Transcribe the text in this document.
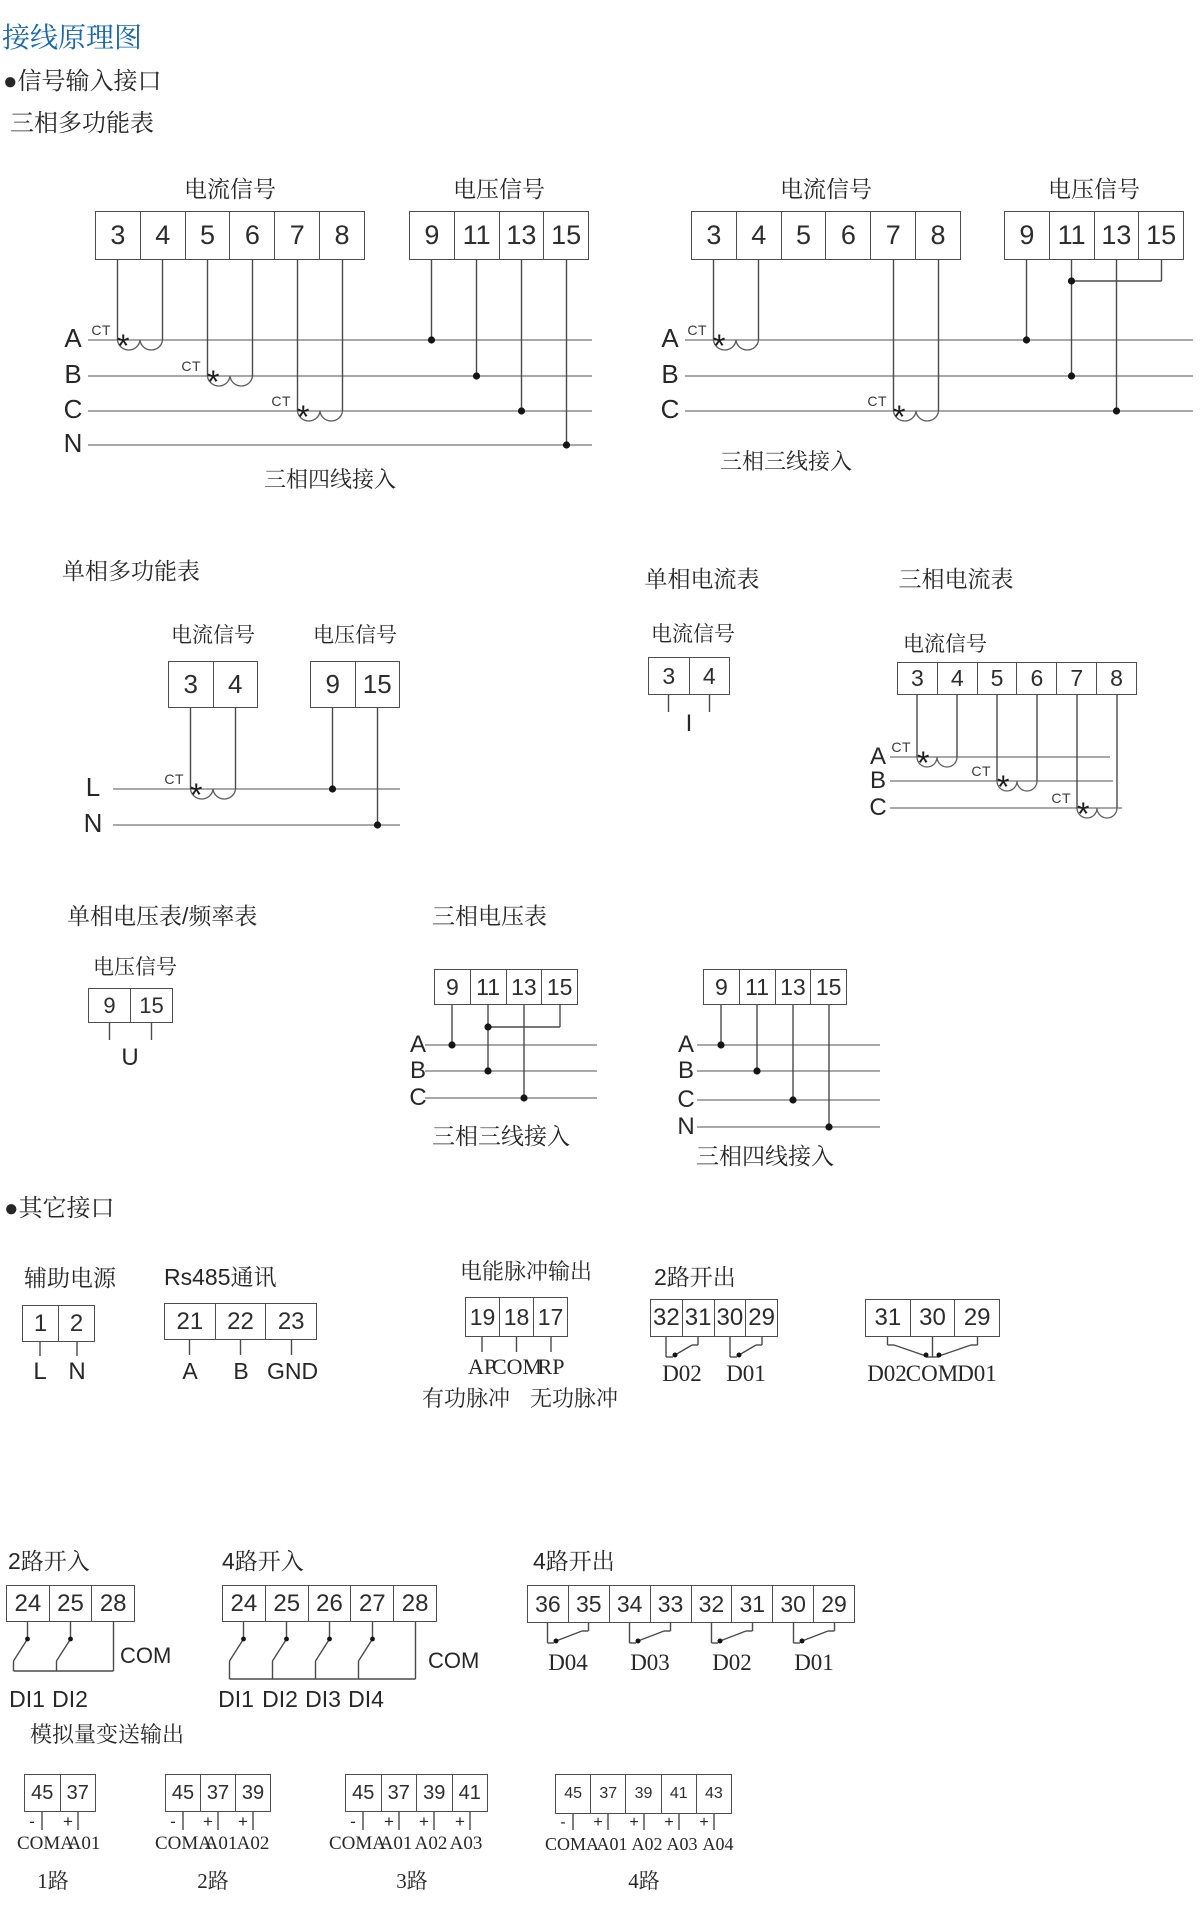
接线原理图
●信号输入接口
三相多功能表
电流信号	电压信号
3	4	5	6	7	8	9 11 13 15
A
B
C
N
三相四线接入
电流信号	电压信号
3	4	5	6	7	8	9 11 13 15
A
B
C
三相三线接入
单相多功能表
电流信号	电压信号
3	4	9 15
L
N
单相电流表
电流信号
3	4
I
三相电流表
电流信号
3	4	5	6	7	8
A
B
C
单相电压表/频率表
电压信号
9	15
U
三相电压表
9 11 13 15
A
B
C
三相三线接入
9 11 13 15
A
B
C
N
三相四线接入
●其它接口
辅助电源
1 2
L N
Rs485通讯
21 22 23
A	B GND
电能脉冲输出
19 18 17
AP
COM
RP
有功脉冲 无功脉冲
2路开出
32 31 30 29
D02	D01
31 30 29
D02
COM
D01
2路开入
24 25 28
COM
DI1 DI2
4路开入
24 25 26 27 28
COM
DI1 DI2 DI3 DI4
4路开出
36 35 34 33 32 31 30 29
D04	D03	D02	D01
模拟量变送输出
45 37
- +
COMA
A01
1路
45 37 39
- + +
COMA
A01 A02
2路
45 37 39 41
- + + +
COMA
A01 A02 A03
3路
45	37	39	41	43
- + + + +
COMA
A01 A02 A03 A04
4路
CT *
CT *
CT *
CT *
CT *
CT *
CT *	CT *	CT *
